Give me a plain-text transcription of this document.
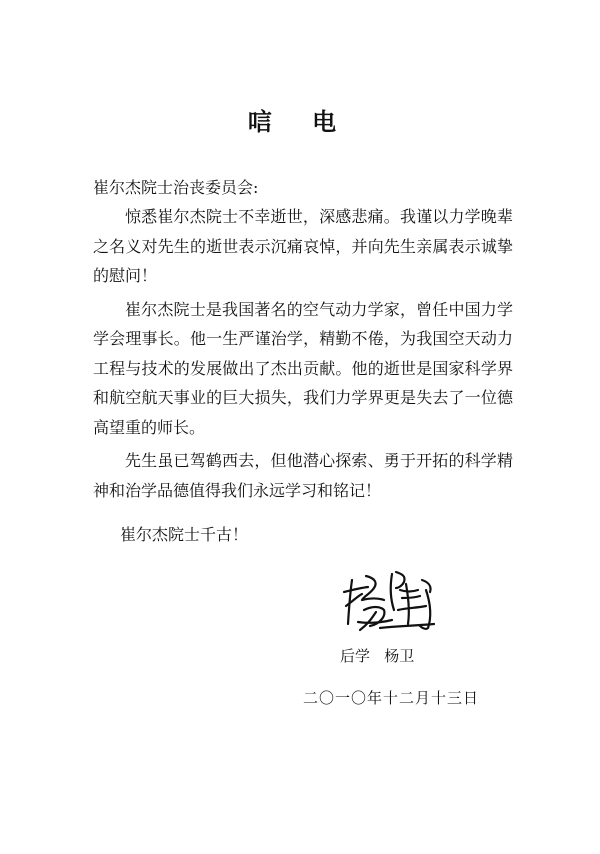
唁 电
崔尔杰院士治丧委员会:

惊悉崔尔杰院士不幸逝世，深感悲痛。我谨以力学晚辈之名义对先生的逝世表示沉痛哀悼，并向先生亲属表示诚挚的慰问！

崔尔杰院士是我国著名的空气动力学家，曾任中国力学学会理事长。他一生严谨治学，精勤不倦，为我国空天动力工程与技术的发展做出了杰出贡献。他的逝世是国家科学界和航空航天事业的巨大损失，我们力学界更是失去了一位德高望重的师长。

先生虽已驾鹤西去，但他潜心探索、勇于开拓的科学精神和治学品德值得我们永远学习和铭记！

崔尔杰院士千古！
后学   杨卫
二〇一〇年十二月十三日
